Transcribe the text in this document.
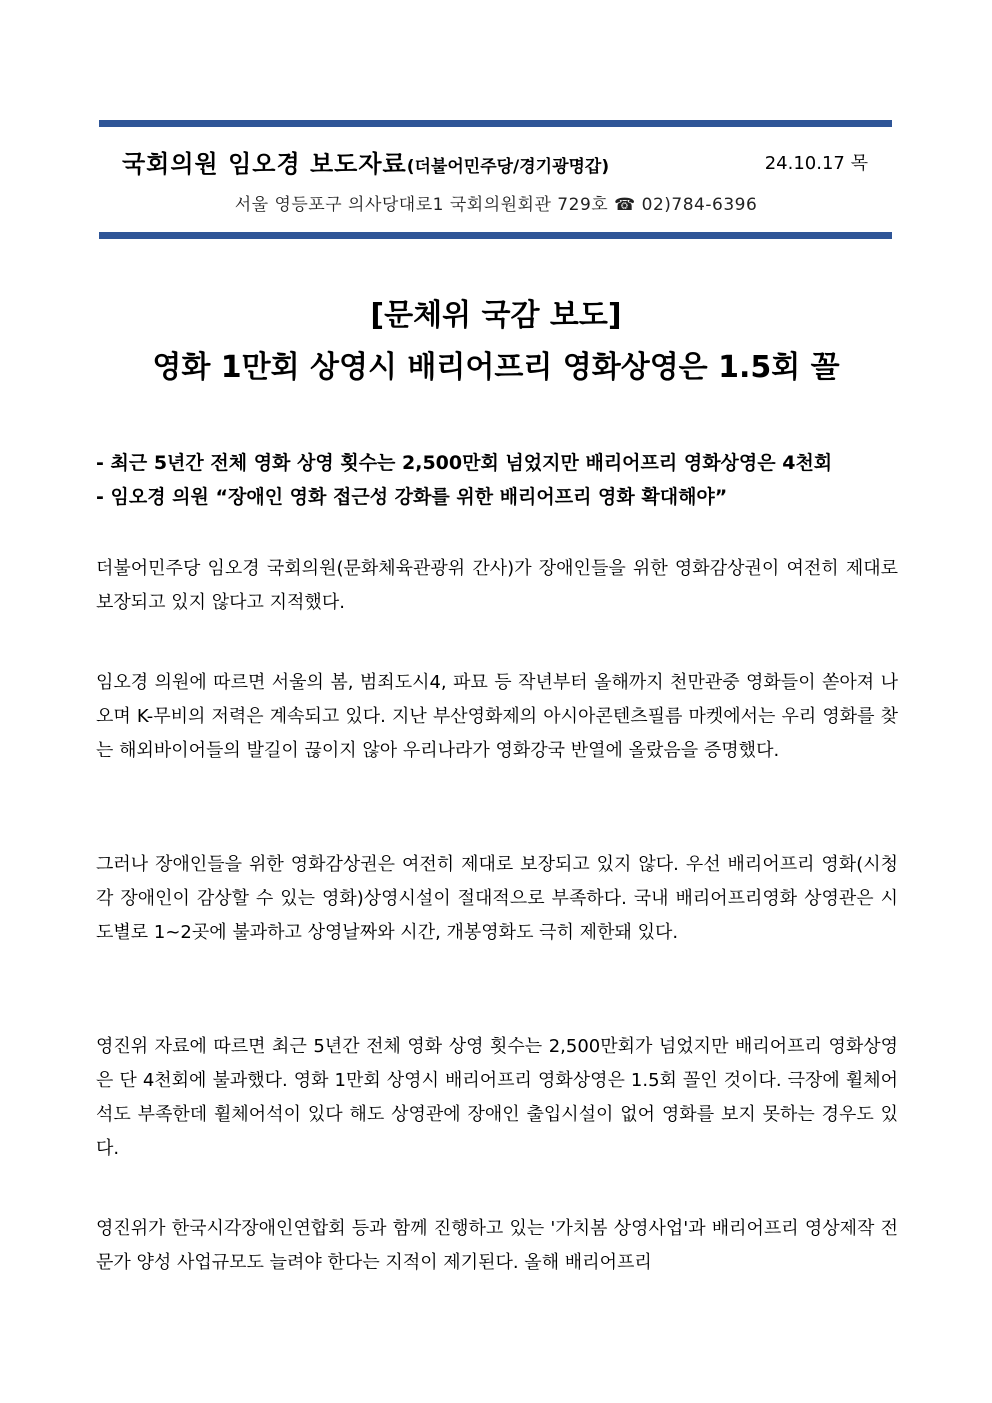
국회의원 임오경 보도자료(더불어민주당/경기광명갑)	24.10.17 목
서울 영등포구 의사당대로1 국회의원회관 729호 ☎ 02)784-6396
[문체위 국감 보도]
영화 1만회 상영시 배리어프리 영화상영은 1.5회 꼴
- 최근 5년간 전체 영화 상영 횟수는 2,500만회 넘었지만 배리어프리 영화상영은 4천회
- 임오경 의원 “장애인 영화 접근성 강화를 위한 배리어프리 영화 확대해야”

더불어민주당 임오경 국회의원(문화체육관광위 간사)가 장애인들을 위한 영화감상권이 여전히 제대로 보장되고 있지 않다고 지적했다.

임오경 의원에 따르면 서울의 봄, 범죄도시4, 파묘 등 작년부터 올해까지 천만관중 영화들이 쏟아져 나오며 K-무비의 저력은 계속되고 있다. 지난 부산영화제의 아시아콘텐츠필름 마켓에서는 우리 영화를 찾는 해외바이어들의 발길이 끊이지 않아 우리나라가 영화강국 반열에 올랐음을 증명했다.

그러나 장애인들을 위한 영화감상권은 여전히 제대로 보장되고 있지 않다. 우선 배리어프리 영화(시청각 장애인이 감상할 수 있는 영화)상영시설이 절대적으로 부족하다. 국내 배리어프리영화 상영관은 시도별로 1~2곳에 불과하고 상영날짜와 시간, 개봉영화도 극히 제한돼 있다.

영진위 자료에 따르면 최근 5년간 전체 영화 상영 횟수는 2,500만회가 넘었지만 배리어프리 영화상영은 단 4천회에 불과했다. 영화 1만회 상영시 배리어프리 영화상영은 1.5회 꼴인 것이다. 극장에 휠체어석도 부족한데 휠체어석이 있다 해도 상영관에 장애인 출입시설이 없어 영화를 보지 못하는 경우도 있다.

영진위가 한국시각장애인연합회 등과 함께 진행하고 있는 '가치봄 상영사업'과 배리어프리 영상제작 전문가 양성 사업규모도 늘려야 한다는 지적이 제기된다. 올해 배리어프리
